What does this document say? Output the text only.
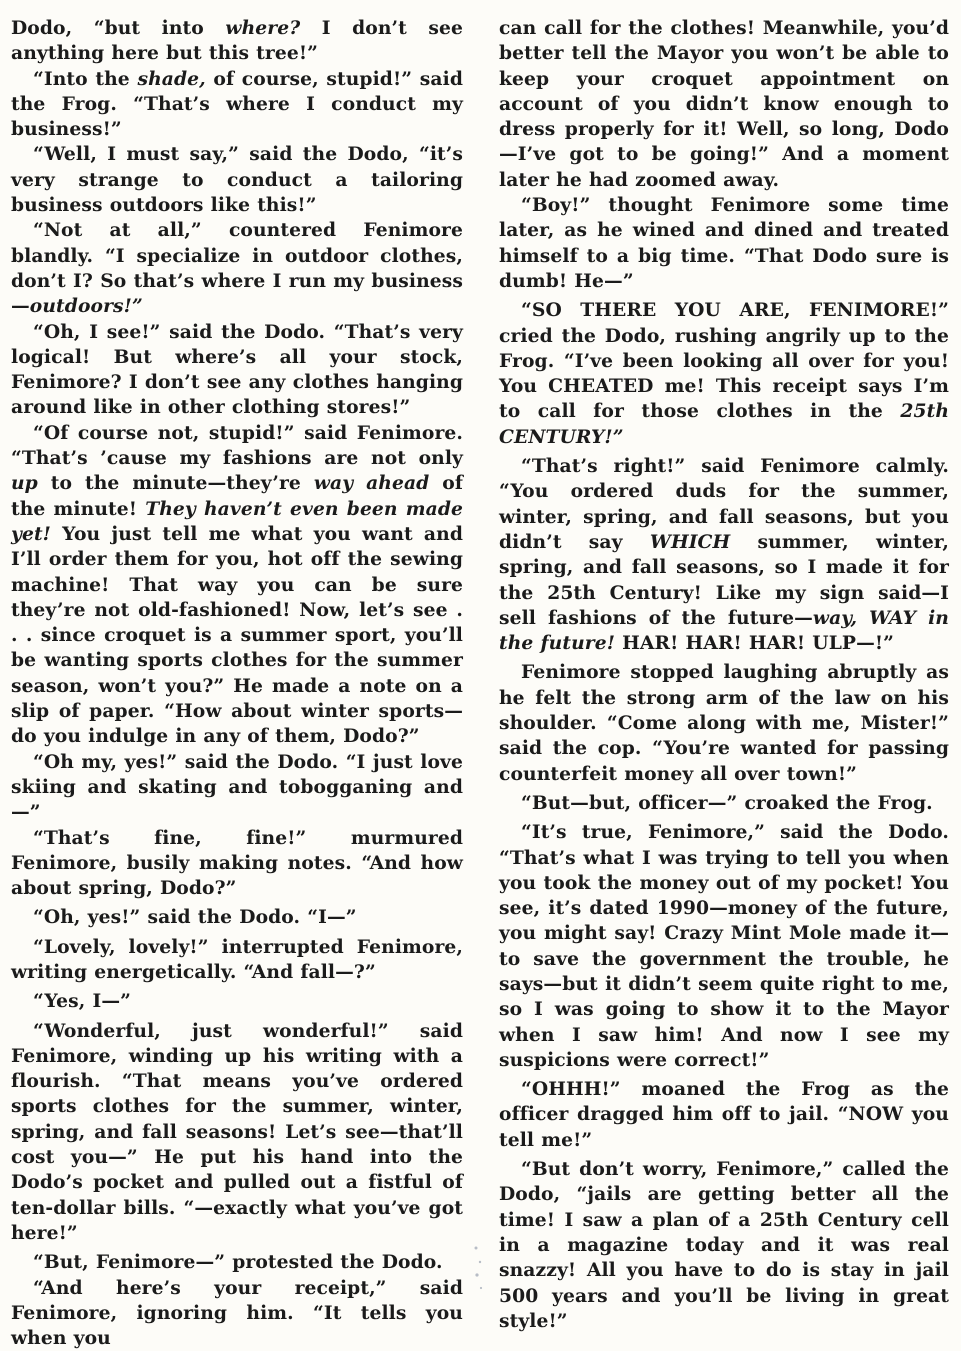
Dodo, “but into where? I don’t see anything here but this tree!”

“Into the shade, of course, stupid!” said the Frog. “That’s where I conduct my business!”

“Well, I must say,” said the Dodo, “it’s very strange to conduct a tailoring business outdoors like this!”

“Not at all,” countered Fenimore blandly. “I specialize in outdoor clothes, don’t I? So that’s where I run my business—outdoors!”

“Oh, I see!” said the Dodo. “That’s very logical! But where’s all your stock, Fenimore? I don’t see any clothes hanging around like in other clothing stores!”

“Of course not, stupid!” said Fenimore. “That’s ’cause my fashions are not only up to the minute—they’re way ahead of the minute! They haven’t even been made yet! You just tell me what you want and I’ll order them for you, hot off the sewing machine! That way you can be sure they’re not old-fashioned! Now, let’s see . . . since croquet is a summer sport, you’ll be wanting sports clothes for the summer season, won’t you?” He made a note on a slip of paper. “How about winter sports—do you indulge in any of them, Dodo?”

“Oh my, yes!” said the Dodo. “I just love skiing and skating and tobogganing and—”

“That’s fine, fine!” murmured Fenimore, busily making notes. “And how about spring, Dodo?”

“Oh, yes!” said the Dodo. “I—”

“Lovely, lovely!” interrupted Fenimore, writing energetically. “And fall—?”

“Yes, I—”

“Wonderful, just wonderful!” said Fenimore, winding up his writing with a flourish. “That means you’ve ordered sports clothes for the summer, winter, spring, and fall seasons! Let’s see—that’ll cost you—” He put his hand into the Dodo’s pocket and pulled out a fistful of ten-dollar bills. “—exactly what you’ve got here!”

“But, Fenimore—” protested the Dodo.

“And here’s your receipt,” said Fenimore, ignoring him. “It tells you when you

can call for the clothes! Meanwhile, you’d better tell the Mayor you won’t be able to keep your croquet appointment on account of you didn’t know enough to dress properly for it! Well, so long, Dodo—I’ve got to be going!” And a moment later he had zoomed away.

“Boy!” thought Fenimore some time later, as he wined and dined and treated himself to a big time. “That Dodo sure is dumb! He—”

“SO THERE YOU ARE, FENIMORE!” cried the Dodo, rushing angrily up to the Frog. “I’ve been looking all over for you! You CHEATED me! This receipt says I’m to call for those clothes in the 25th CENTURY!”

“That’s right!” said Fenimore calmly. “You ordered duds for the summer, winter, spring, and fall seasons, but you didn’t say WHICH summer, winter, spring, and fall seasons, so I made it for the 25th Century! Like my sign said—I sell fashions of the future—way, WAY in the future! HAR! HAR! HAR! ULP—!”

Fenimore stopped laughing abruptly as he felt the strong arm of the law on his shoulder. “Come along with me, Mister!” said the cop. “You’re wanted for passing counterfeit money all over town!”

“But—but, officer—” croaked the Frog.

“It’s true, Fenimore,” said the Dodo. “That’s what I was trying to tell you when you took the money out of my pocket! You see, it’s dated 1990—money of the future, you might say! Crazy Mint Mole made it—to save the government the trouble, he says—but it didn’t seem quite right to me, so I was going to show it to the Mayor when I saw him! And now I see my suspicions were correct!”

“OHHH!” moaned the Frog as the officer dragged him off to jail. “NOW you tell me!”

“But don’t worry, Fenimore,” called the Dodo, “jails are getting better all the time! I saw a plan of a 25th Century cell in a magazine today and it was real snazzy! All you have to do is stay in jail 500 years and you’ll be living in great style!”
